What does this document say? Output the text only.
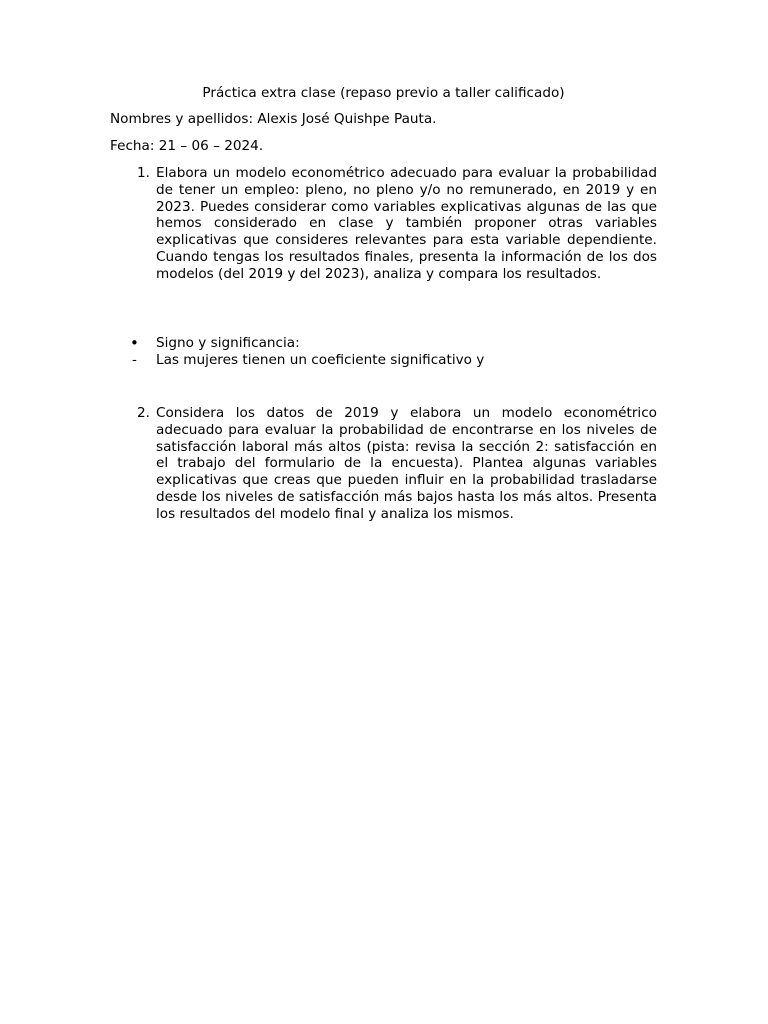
Práctica extra clase (repaso previo a taller calificado)
Nombres y apellidos: Alexis José Quishpe Pauta.
Fecha: 21 – 06 – 2024.
1. Elabora un modelo econométrico adecuado para evaluar la probabilidad de tener un empleo: pleno, no pleno y/o no remunerado, en 2019 y en 2023. Puedes considerar como variables explicativas algunas de las que hemos considerado en clase y también proponer otras variables explicativas que consideres relevantes para esta variable dependiente. Cuando tengas los resultados finales, presenta la información de los dos modelos (del 2019 y del 2023), analiza y compara los resultados.
• Signo y significancia:
-	Las mujeres tienen un coeficiente significativo y
2. Considera los datos de 2019 y elabora un modelo econométrico adecuado para evaluar la probabilidad de encontrarse en los niveles de satisfacción laboral más altos (pista: revisa la sección 2: satisfacción en el trabajo del formulario de la encuesta). Plantea algunas variables explicativas que creas que pueden influir en la probabilidad trasladarse desde los niveles de satisfacción más bajos hasta los más altos. Presenta los resultados del modelo final y analiza los mismos.
